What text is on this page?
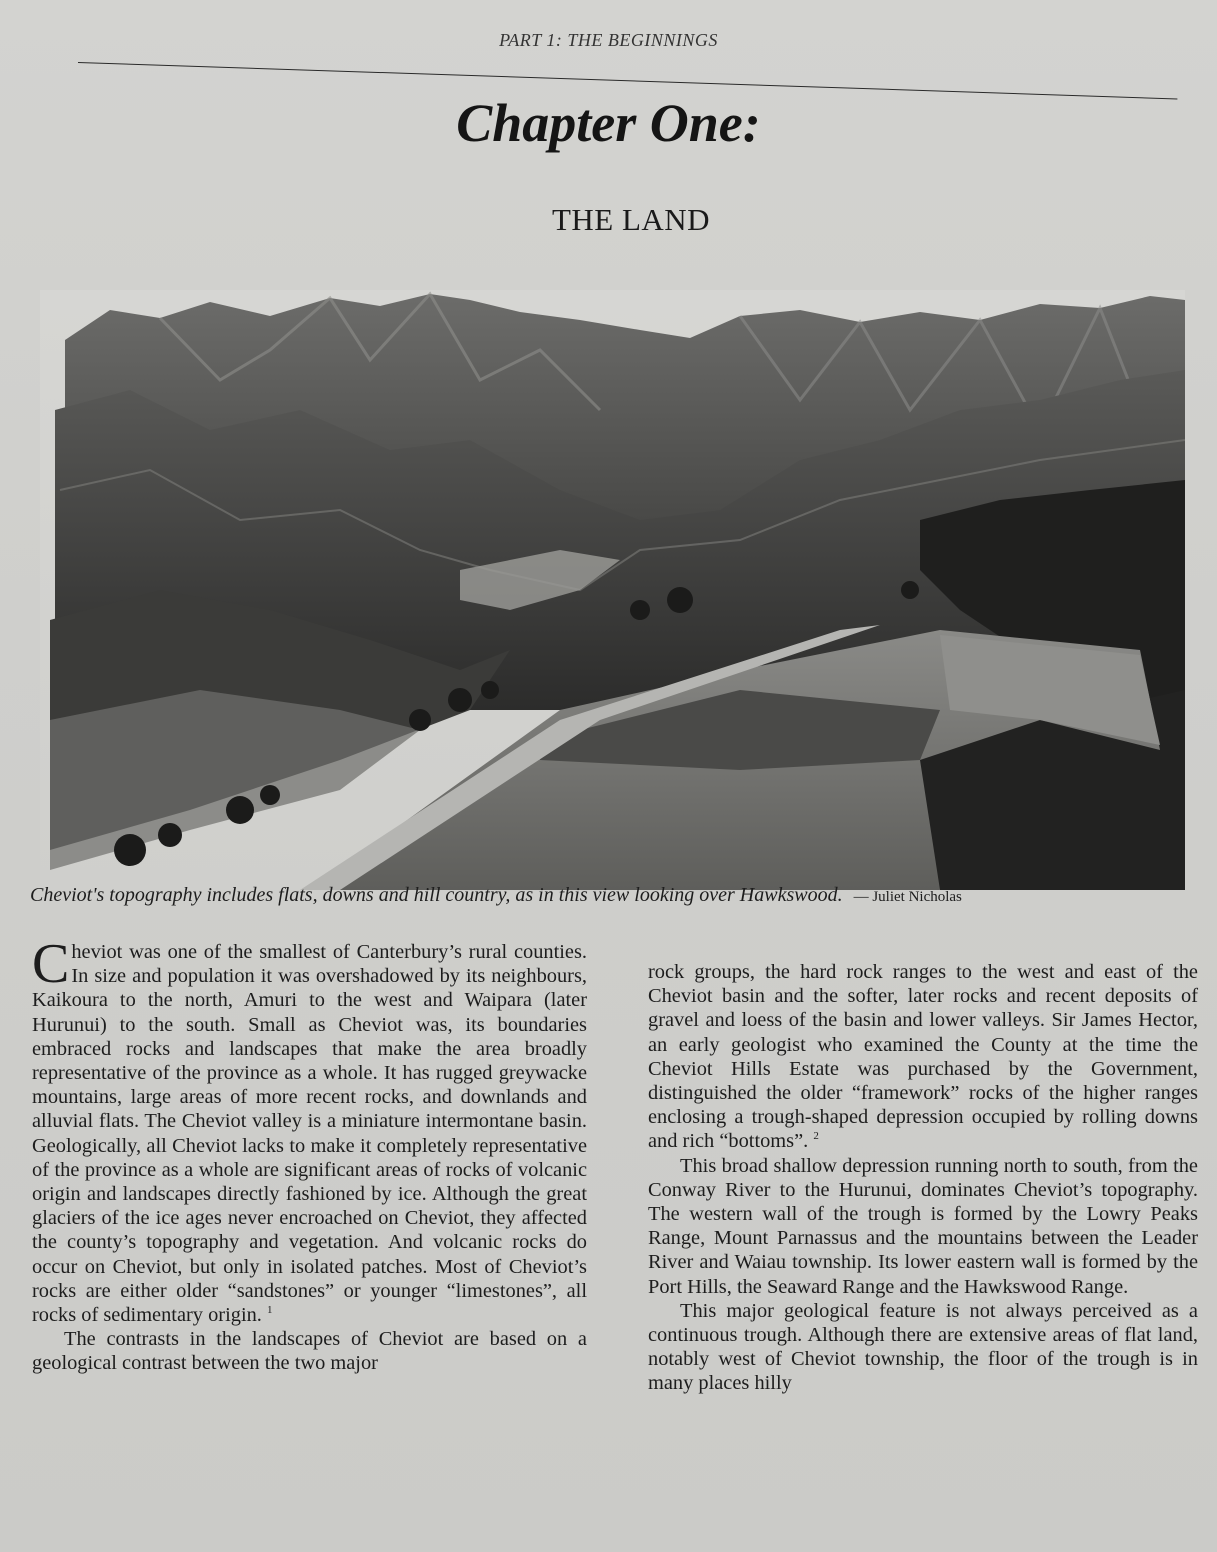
PART 1: THE BEGINNINGS
Chapter One:
THE LAND
Cheviot's topography includes flats, downs and hill country, as in this view looking over Hawkswood. — Juliet Nicholas

Cheviot was one of the smallest of Canterbury’s rural counties. In size and population it was overshadowed by its neighbours, Kaikoura to the north, Amuri to the west and Waipara (later Hurunui) to the south. Small as Cheviot was, its boundaries embraced rocks and landscapes that make the area broadly representative of the province as a whole. It has rugged greywacke mountains, large areas of more recent rocks, and downlands and alluvial flats. The Cheviot valley is a miniature intermontane basin. Geologically, all Cheviot lacks to make it completely representative of the province as a whole are significant areas of rocks of volcanic origin and landscapes directly fashioned by ice. Although the great glaciers of the ice ages never encroached on Cheviot, they affected the county’s topography and vegetation. And volcanic rocks do occur on Cheviot, but only in isolated patches. Most of Cheviot’s rocks are either older “sandstones” or younger “limestones”, all rocks of sedimentary origin. $^1$

The contrasts in the landscapes of Cheviot are based on a geological contrast between the two major

rock groups, the hard rock ranges to the west and east of the Cheviot basin and the softer, later rocks and recent deposits of gravel and loess of the basin and lower valleys. Sir James Hector, an early geologist who examined the County at the time the Cheviot Hills Estate was purchased by the Government, distinguished the older “framework” rocks of the higher ranges enclosing a trough-shaped depression occupied by rolling downs and rich “bottoms”. $^2$

This broad shallow depression running north to south, from the Conway River to the Hurunui, dominates Cheviot’s topography. The western wall of the trough is formed by the Lowry Peaks Range, Mount Parnassus and the mountains between the Leader River and Waiau township. Its lower eastern wall is formed by the Port Hills, the Seaward Range and the Hawkswood Range.

This major geological feature is not always perceived as a continuous trough. Although there are extensive areas of flat land, notably west of Cheviot township, the floor of the trough is in many places hilly
